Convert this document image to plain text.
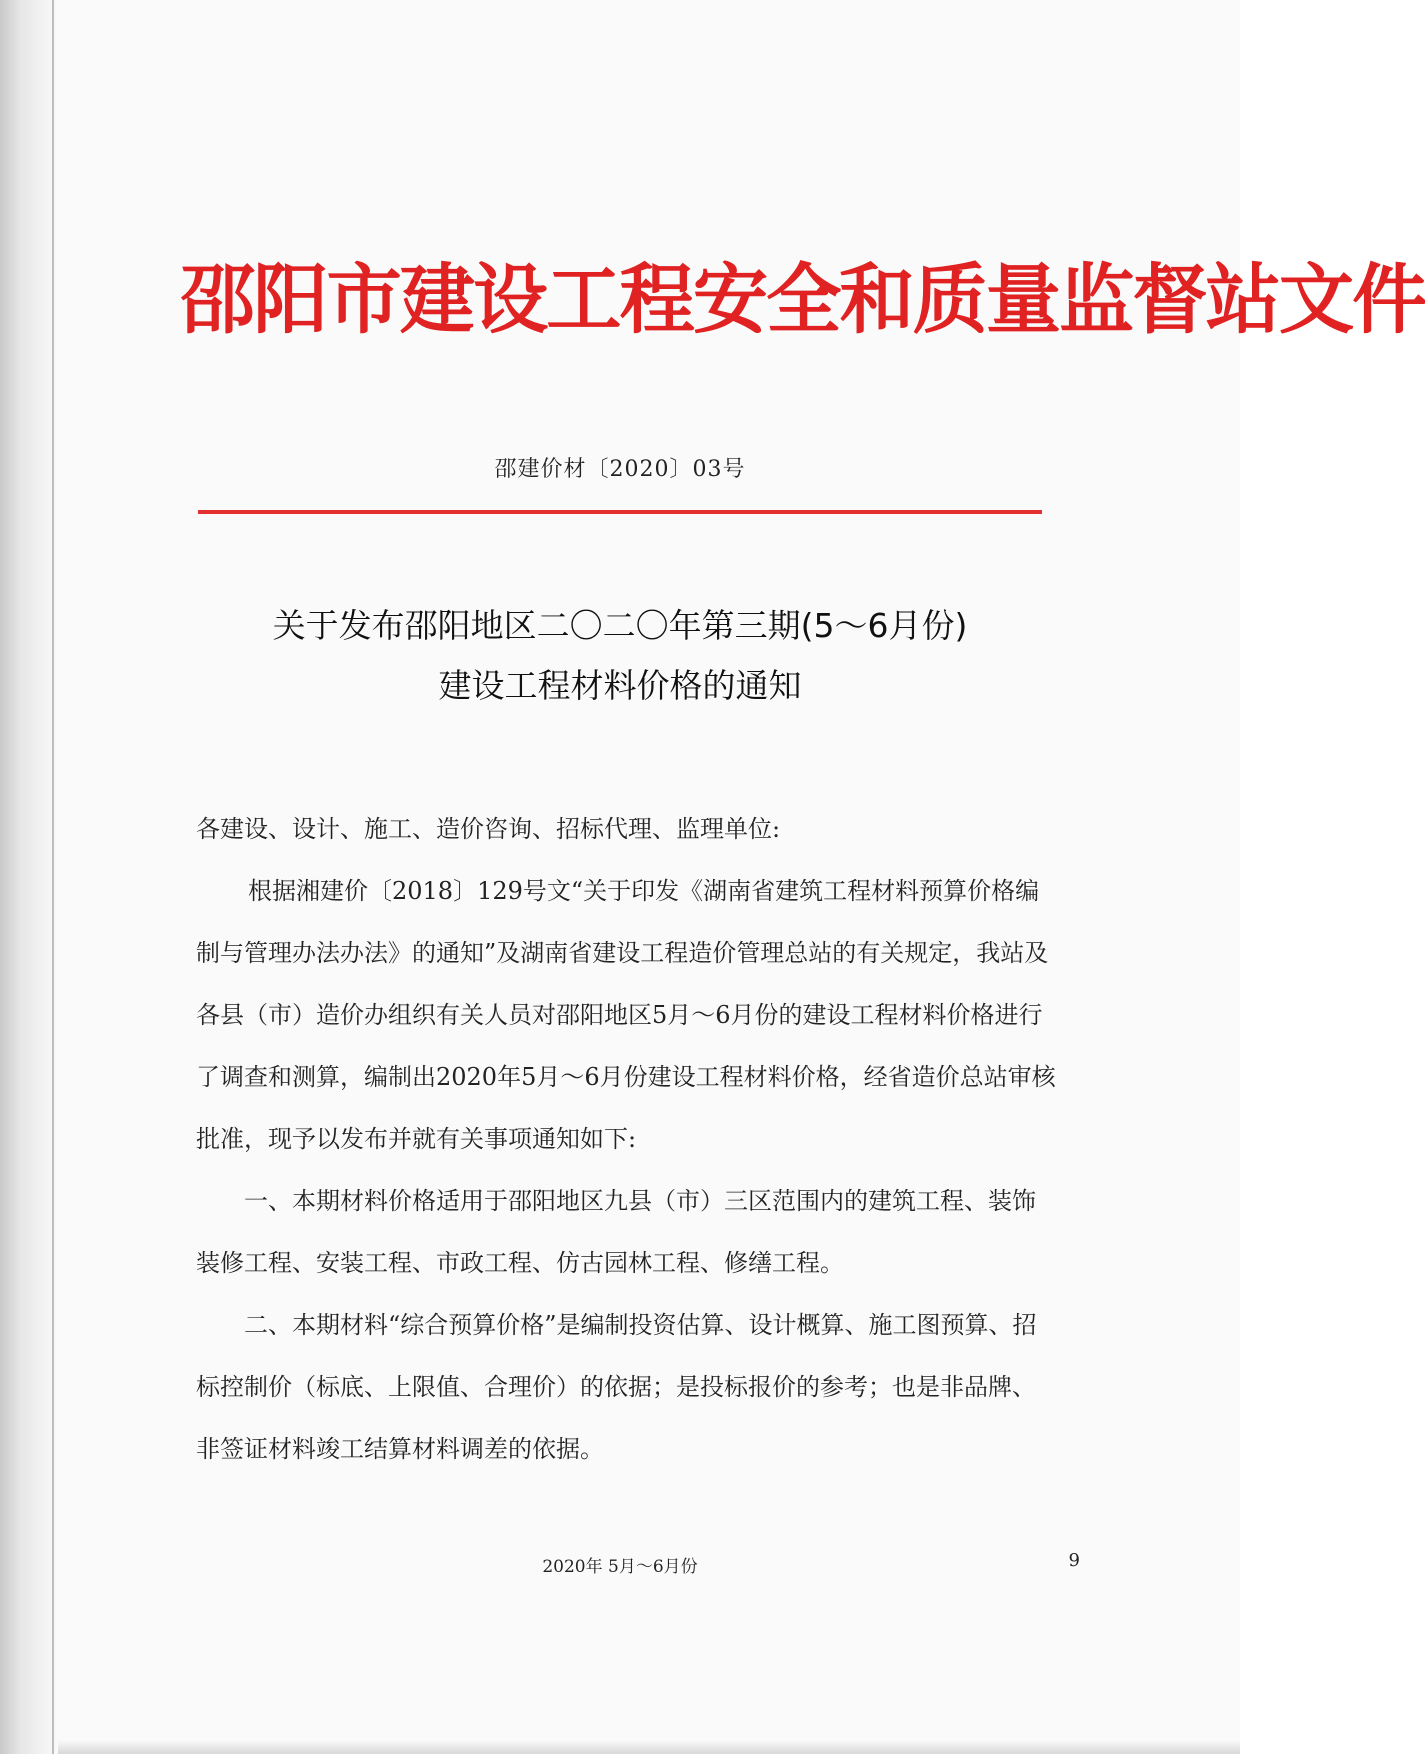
邵阳市建设工程安全和质量监督站文件
邵建价材〔2020〕03号
关于发布邵阳地区二〇二〇年第三期(5～6月份)
建设工程材料价格的通知

各建设、设计、施工、造价咨询、招标代理、监理单位:

根据湘建价〔2018〕129号文“关于印发《湖南省建筑工程材料预算价格编制与管理办法办法》的通知”及湖南省建设工程造价管理总站的有关规定，我站及各县（市）造价办组织有关人员对邵阳地区5月～6月份的建设工程材料价格进行了调查和测算，编制出2020年5月～6月份建设工程材料价格，经省造价总站审核批准，现予以发布并就有关事项通知如下:

一、本期材料价格适用于邵阳地区九县（市）三区范围内的建筑工程、装饰装修工程、安装工程、市政工程、仿古园林工程、修缮工程。

二、本期材料“综合预算价格”是编制投资估算、设计概算、施工图预算、招标控制价（标底、上限值、合理价）的依据；是投标报价的参考；也是非品牌、非签证材料竣工结算材料调差的依据。

2020年 5月～6月份	9
